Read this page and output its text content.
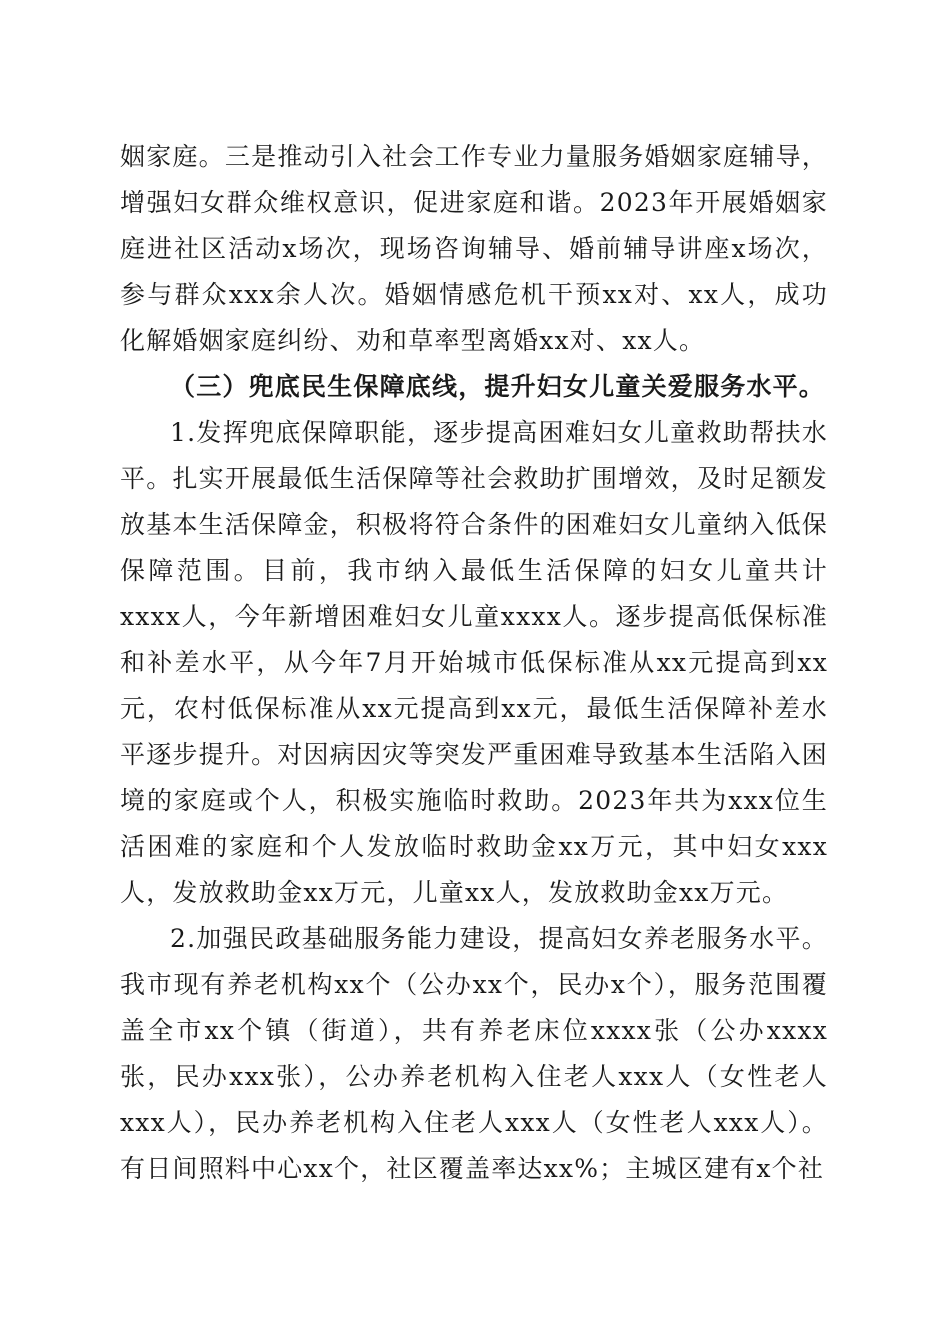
姻家庭。三是推动引入社会工作专业力量服务婚姻家庭辅导，增强妇女群众维权意识，促进家庭和谐。2023年开展婚姻家庭进社区活动x场次，现场咨询辅导、婚前辅导讲座x场次，参与群众xxx余人次。婚姻情感危机干预xx对、xx人，成功化解婚姻家庭纠纷、劝和草率型离婚xx对、xx人。

（三）兜底民生保障底线，提升妇女儿童关爱服务水平。

1.发挥兜底保障职能，逐步提高困难妇女儿童救助帮扶水平。扎实开展最低生活保障等社会救助扩围增效，及时足额发放基本生活保障金，积极将符合条件的困难妇女儿童纳入低保保障范围。目前，我市纳入最低生活保障的妇女儿童共计xxxx人，今年新增困难妇女儿童xxxx人。逐步提高低保标准和补差水平，从今年7月开始城市低保标准从xx元提高到xx元，农村低保标准从xx元提高到xx元，最低生活保障补差水平逐步提升。对因病因灾等突发严重困难导致基本生活陷入困境的家庭或个人，积极实施临时救助。2023年共为xxx位生活困难的家庭和个人发放临时救助金xx万元，其中妇女xxx人，发放救助金xx万元，儿童xx人，发放救助金xx万元。

2.加强民政基础服务能力建设，提高妇女养老服务水平。我市现有养老机构xx个（公办xx个，民办x个），服务范围覆盖全市xx个镇（街道），共有养老床位xxxx张（公办xxxx张，民办xxx张），公办养老机构入住老人xxx人（女性老人xxx人），民办养老机构入住老人xxx人（女性老人xxx人）。有日间照料中心xx个，社区覆盖率达xx%；主城区建有x个社
